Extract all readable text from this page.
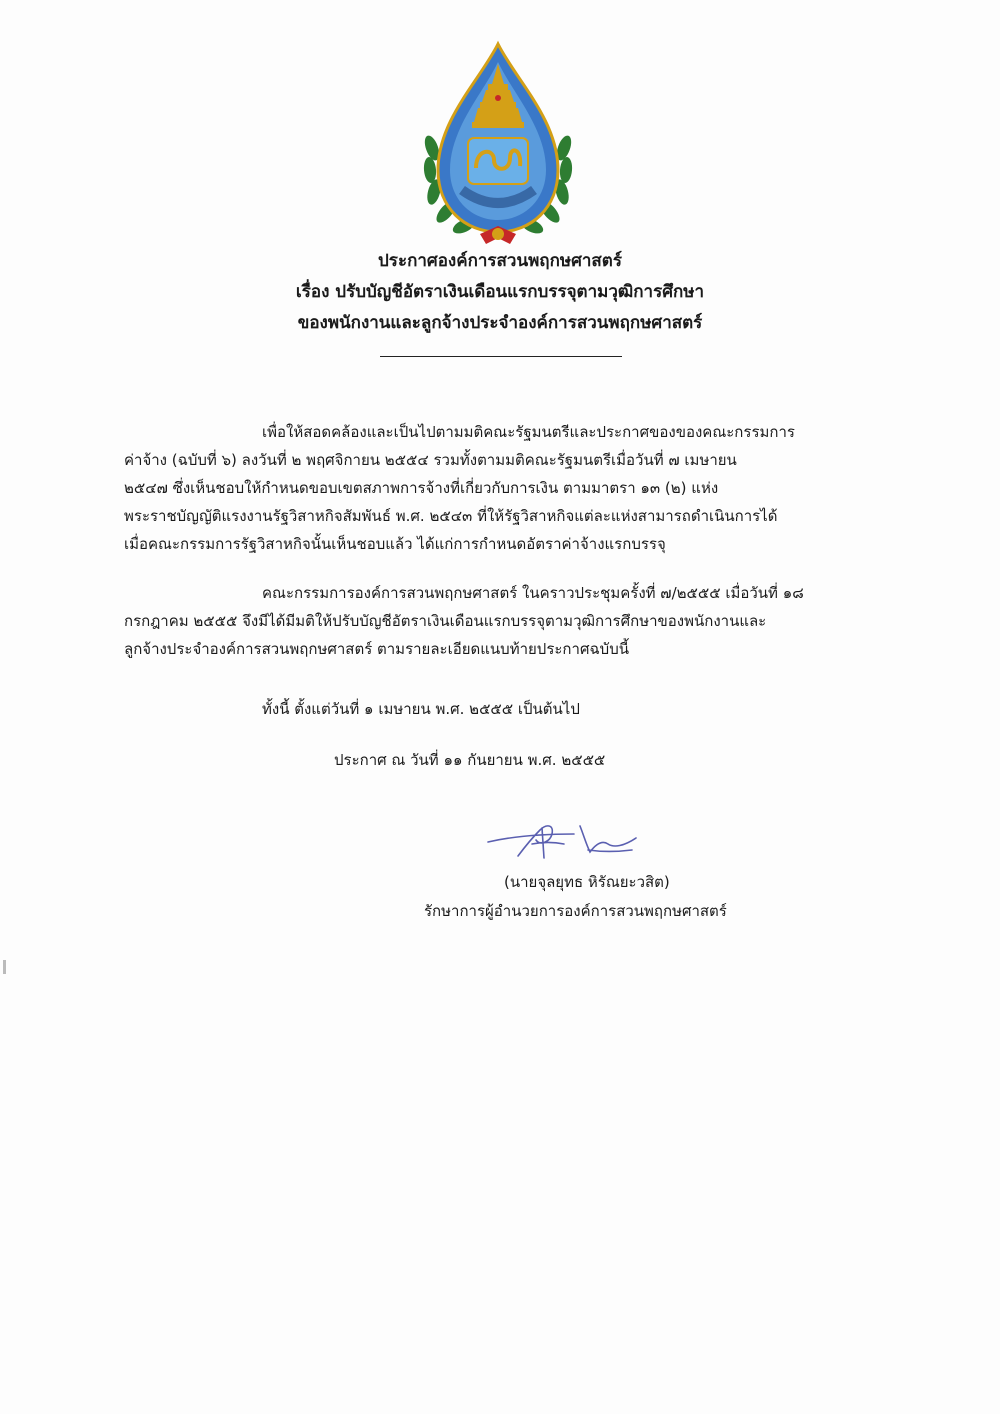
ประกาศองค์การสวนพฤกษศาสตร์
เรื่อง ปรับบัญชีอัตราเงินเดือนแรกบรรจุตามวุฒิการศึกษา
ของพนักงานและลูกจ้างประจำองค์การสวนพฤกษศาสตร์
เพื่อให้สอดคล้องและเป็นไปตามมติคณะรัฐมนตรีและประกาศของของคณะกรรมการ
ค่าจ้าง (ฉบับที่ ๖) ลงวันที่ ๒ พฤศจิกายน ๒๕๕๔ รวมทั้งตามมติคณะรัฐมนตรีเมื่อวันที่ ๗ เมษายน
๒๕๔๗ ซึ่งเห็นชอบให้กำหนดขอบเขตสภาพการจ้างที่เกี่ยวกับการเงิน ตามมาตรา ๑๓ (๒) แห่ง
พระราชบัญญัติแรงงานรัฐวิสาหกิจสัมพันธ์ พ.ศ. ๒๕๔๓ ที่ให้รัฐวิสาหกิจแต่ละแห่งสามารถดำเนินการได้
เมื่อคณะกรรมการรัฐวิสาหกิจนั้นเห็นชอบแล้ว ได้แก่การกำหนดอัตราค่าจ้างแรกบรรจุ
คณะกรรมการองค์การสวนพฤกษศาสตร์ ในคราวประชุมครั้งที่ ๗/๒๕๕๕ เมื่อวันที่ ๑๘
กรกฎาคม ๒๕๕๕ จึงมีได้มีมติให้ปรับบัญชีอัตราเงินเดือนแรกบรรจุตามวุฒิการศึกษาของพนักงานและ
ลูกจ้างประจำองค์การสวนพฤกษศาสตร์ ตามรายละเอียดแนบท้ายประกาศฉบับนี้
ทั้งนี้ ตั้งแต่วันที่ ๑ เมษายน พ.ศ. ๒๕๕๕ เป็นต้นไป
ประกาศ ณ วันที่ ๑๑ กันยายน พ.ศ. ๒๕๕๕
(นายจุลยุทธ หิรัณยะวสิต)
รักษาการผู้อำนวยการองค์การสวนพฤกษศาสตร์
